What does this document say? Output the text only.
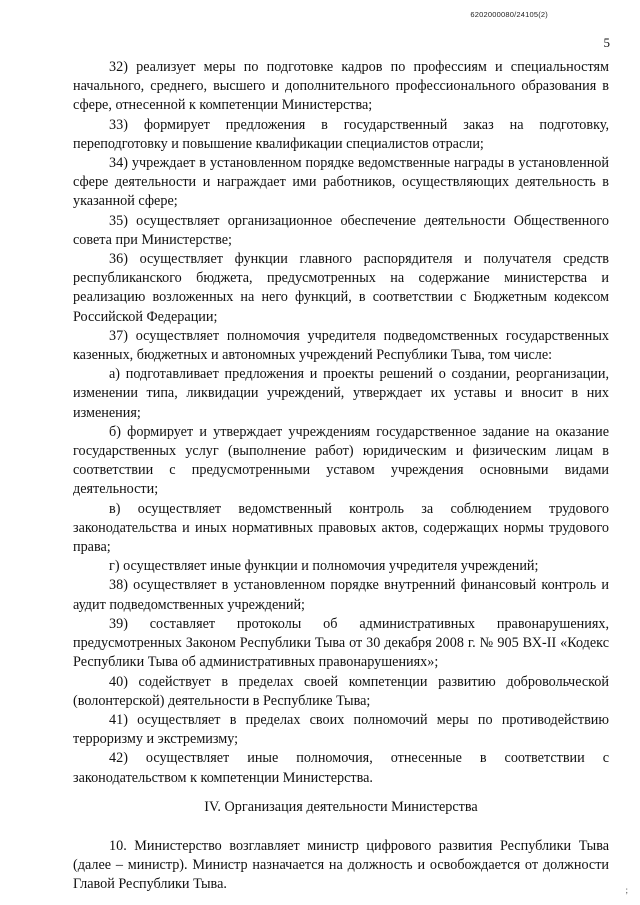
6202000080/24105(2)
5

32) реализует меры по подготовке кадров по профессиям и специальностям начального, среднего, высшего и дополнительного профессионального образования в сфере, отнесенной к компетенции Министерства;

33) формирует предложения в государственный заказ на подготовку, переподготовку и повышение квалификации специалистов отрасли;

34) учреждает в установленном порядке ведомственные награды в установленной сфере деятельности и награждает ими работников, осуществляющих деятельность в указанной сфере;

35) осуществляет организационное обеспечение деятельности Общественного совета при Министерстве;

36) осуществляет функции главного распорядителя и получателя средств республиканского бюджета, предусмотренных на содержание министерства и реализацию возложенных на него функций, в соответствии с Бюджетным кодексом Российской Федерации;

37) осуществляет полномочия учредителя подведомственных государственных казенных, бюджетных и автономных учреждений Республики Тыва, том числе:

а) подготавливает предложения и проекты решений о создании, реорганизации, изменении типа, ликвидации учреждений, утверждает их уставы и вносит в них изменения;

б) формирует и утверждает учреждениям государственное задание на оказание государственных услуг (выполнение работ) юридическим и физическим лицам в соответствии с предусмотренными уставом учреждения основными видами деятельности;

в) осуществляет ведомственный контроль за соблюдением трудового законодательства и иных нормативных правовых актов, содержащих нормы трудового права;

г) осуществляет иные функции и полномочия учредителя учреждений;

38) осуществляет в установленном порядке внутренний финансовый контроль и аудит подведомственных учреждений;

39) составляет протоколы об административных правонарушениях, предусмотренных Законом Республики Тыва от 30 декабря 2008 г. № 905 ВХ-II «Кодекс Республики Тыва об административных правонарушениях»;

40) содействует в пределах своей компетенции развитию добровольческой (волонтерской) деятельности в Республике Тыва;

41) осуществляет в пределах своих полномочий меры по противодействию терроризму и экстремизму;

42) осуществляет иные полномочия, отнесенные в соответствии с законодательством к компетенции Министерства.

IV. Организация деятельности Министерства

10. Министерство возглавляет министр цифрового развития Республики Тыва (далее – министр). Министр назначается на должность и освобождается от должности Главой Республики Тыва.	;
